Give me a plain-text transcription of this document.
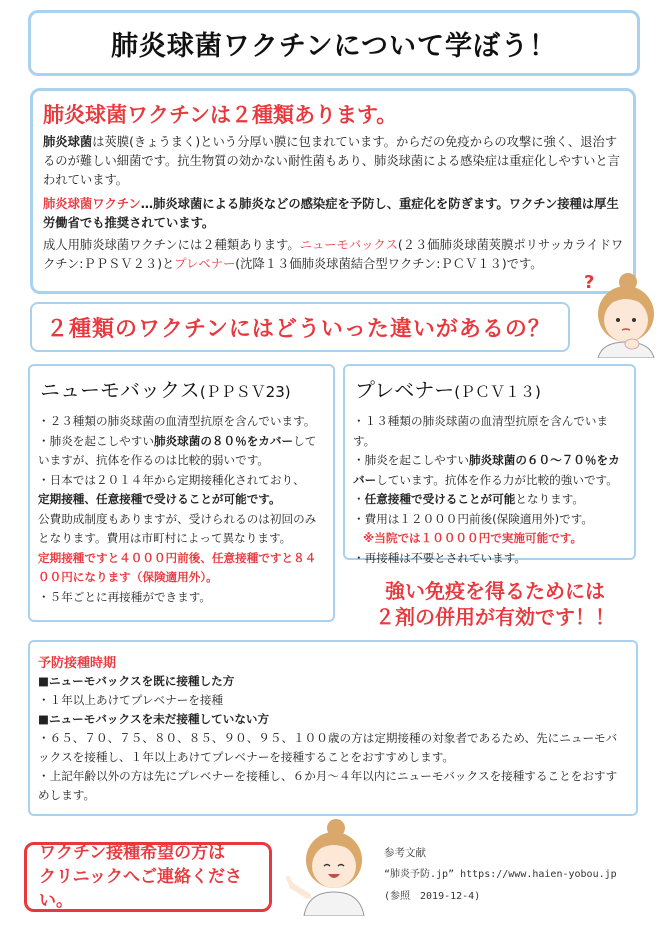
肺炎球菌ワクチンについて学ぼう！
肺炎球菌ワクチンは２種類あります。
肺炎球菌は莢膜(きょうまく)という分厚い膜に包まれています。からだの免疫からの攻撃に強く、退治するのが難しい細菌です。抗生物質の効かない耐性菌もあり、肺炎球菌による感染症は重症化しやすいと言われています。
肺炎球菌ワクチン…肺炎球菌による肺炎などの感染症を予防し、重症化を防ぎます。ワクチン接種は厚生労働省でも推奨されています。
成人用肺炎球菌ワクチンには２種類あります。ニューモバックス(２３価肺炎球菌莢膜ポリサッカライドワクチン:ＰＰＳＶ２３)とプレベナー(沈降１３価肺炎球菌結合型ワクチン:ＰＣＶ１３)です。
２種類のワクチンにはどういった違いがあるの？
?
ニューモバックス(ＰＰＳＶ23)
・２３種類の肺炎球菌の血清型抗原を含んでいます。
・肺炎を起こしやすい肺炎球菌の８０％をカバーしていますが、抗体を作るのは比較的弱いです。
・日本では２０１４年から定期接種化されており、
定期接種、任意接種で受けることが可能です。
公費助成制度もありますが、受けられるのは初回のみとなります。費用は市町村によって異なります。
定期接種ですと４０００円前後、任意接種ですと８４００円になります（保険適用外）。
・５年ごとに再接種ができます。
プレベナー(ＰＣＶ１３)
・１３種類の肺炎球菌の血清型抗原を含んでいます。
・肺炎を起こしやすい肺炎球菌の６０～７０％をカバーしています。抗体を作る力が比較的強いです。
・任意接種で受けることが可能となります。
・費用は１２０００円前後(保険適用外)です。
※当院では１００００円で実施可能です。
・再接種は不要とされています。
強い免疫を得るためには
２剤の併用が有効です！！
予防接種時期
■ニューモバックスを既に接種した方
・１年以上あけてプレベナーを接種
■ニューモバックスを未だ接種していない方
・６５、７０、７５、８０、８５、９０、９５、１００歳の方は定期接種の対象者であるため、先にニューモバックスを接種し、１年以上あけてプレベナーを接種することをおすすめします。
・上記年齢以外の方は先にプレベナーを接種し、６か月～４年以内にニューモバックスを接種することをおすすめします。
ワクチン接種希望の方は
クリニックへご連絡ください。
参考文献
“肺炎予防.jp” https://www.haien-yobou.jp
(参照　2019-12-4)
